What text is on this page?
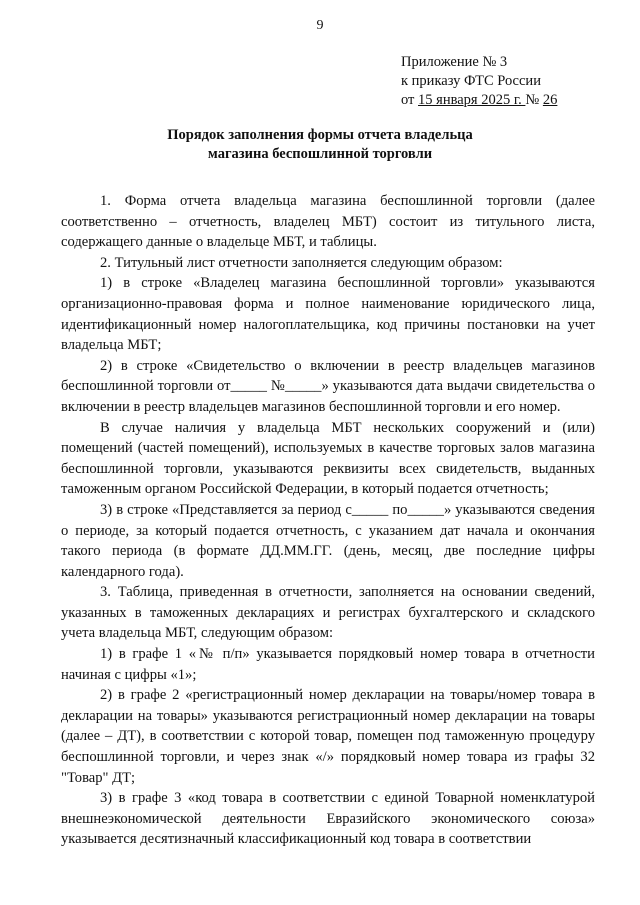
9
Приложение № 3
к приказу ФТС России
от 15 января 2025 г. № 26
Порядок заполнения формы отчета владельца
магазина беспошлинной торговли

1. Форма отчета владельца магазина беспошлинной торговли (далее соответственно – отчетность, владелец МБТ) состоит из титульного листа, содержащего данные о владельце МБТ, и таблицы.

2. Титульный лист отчетности заполняется следующим образом:

1) в строке «Владелец магазина беспошлинной торговли» указываются организационно-правовая форма и полное наименование юридического лица, идентификационный номер налогоплательщика, код причины постановки на учет владельца МБТ;

2) в строке «Свидетельство о включении в реестр владельцев магазинов беспошлинной торговли от_____ №_____» указываются дата выдачи свидетельства о включении в реестр владельцев магазинов беспошлинной торговли и его номер.

В случае наличия у владельца МБТ нескольких сооружений и (или) помещений (частей помещений), используемых в качестве торговых залов магазина беспошлинной торговли, указываются реквизиты всех свидетельств, выданных таможенным органом Российской Федерации, в который подается отчетность;

3) в строке «Представляется за период с_____ по_____» указываются сведения о периоде, за который подается отчетность, с указанием дат начала и окончания такого периода (в формате ДД.ММ.ГГ. (день, месяц, две последние цифры календарного года).

3. Таблица, приведенная в отчетности, заполняется на основании сведений, указанных в таможенных декларациях и регистрах бухгалтерского и складского учета владельца МБТ, следующим образом:

1) в графе 1 «№ п/п» указывается порядковый номер товара в отчетности начиная с цифры «1»;

2) в графе 2 «регистрационный номер декларации на товары/номер товара в декларации на товары» указываются регистрационный номер декларации на товары (далее – ДТ), в соответствии с которой товар, помещен под таможенную процедуру беспошлинной торговли, и через знак «/» порядковый номер товара из графы 32 "Товар" ДТ;

3) в графе 3 «код товара в соответствии с единой Товарной номенклатурой внешнеэкономической деятельности Евразийского экономического союза» указывается десятизначный классификационный код товара в соответствии
